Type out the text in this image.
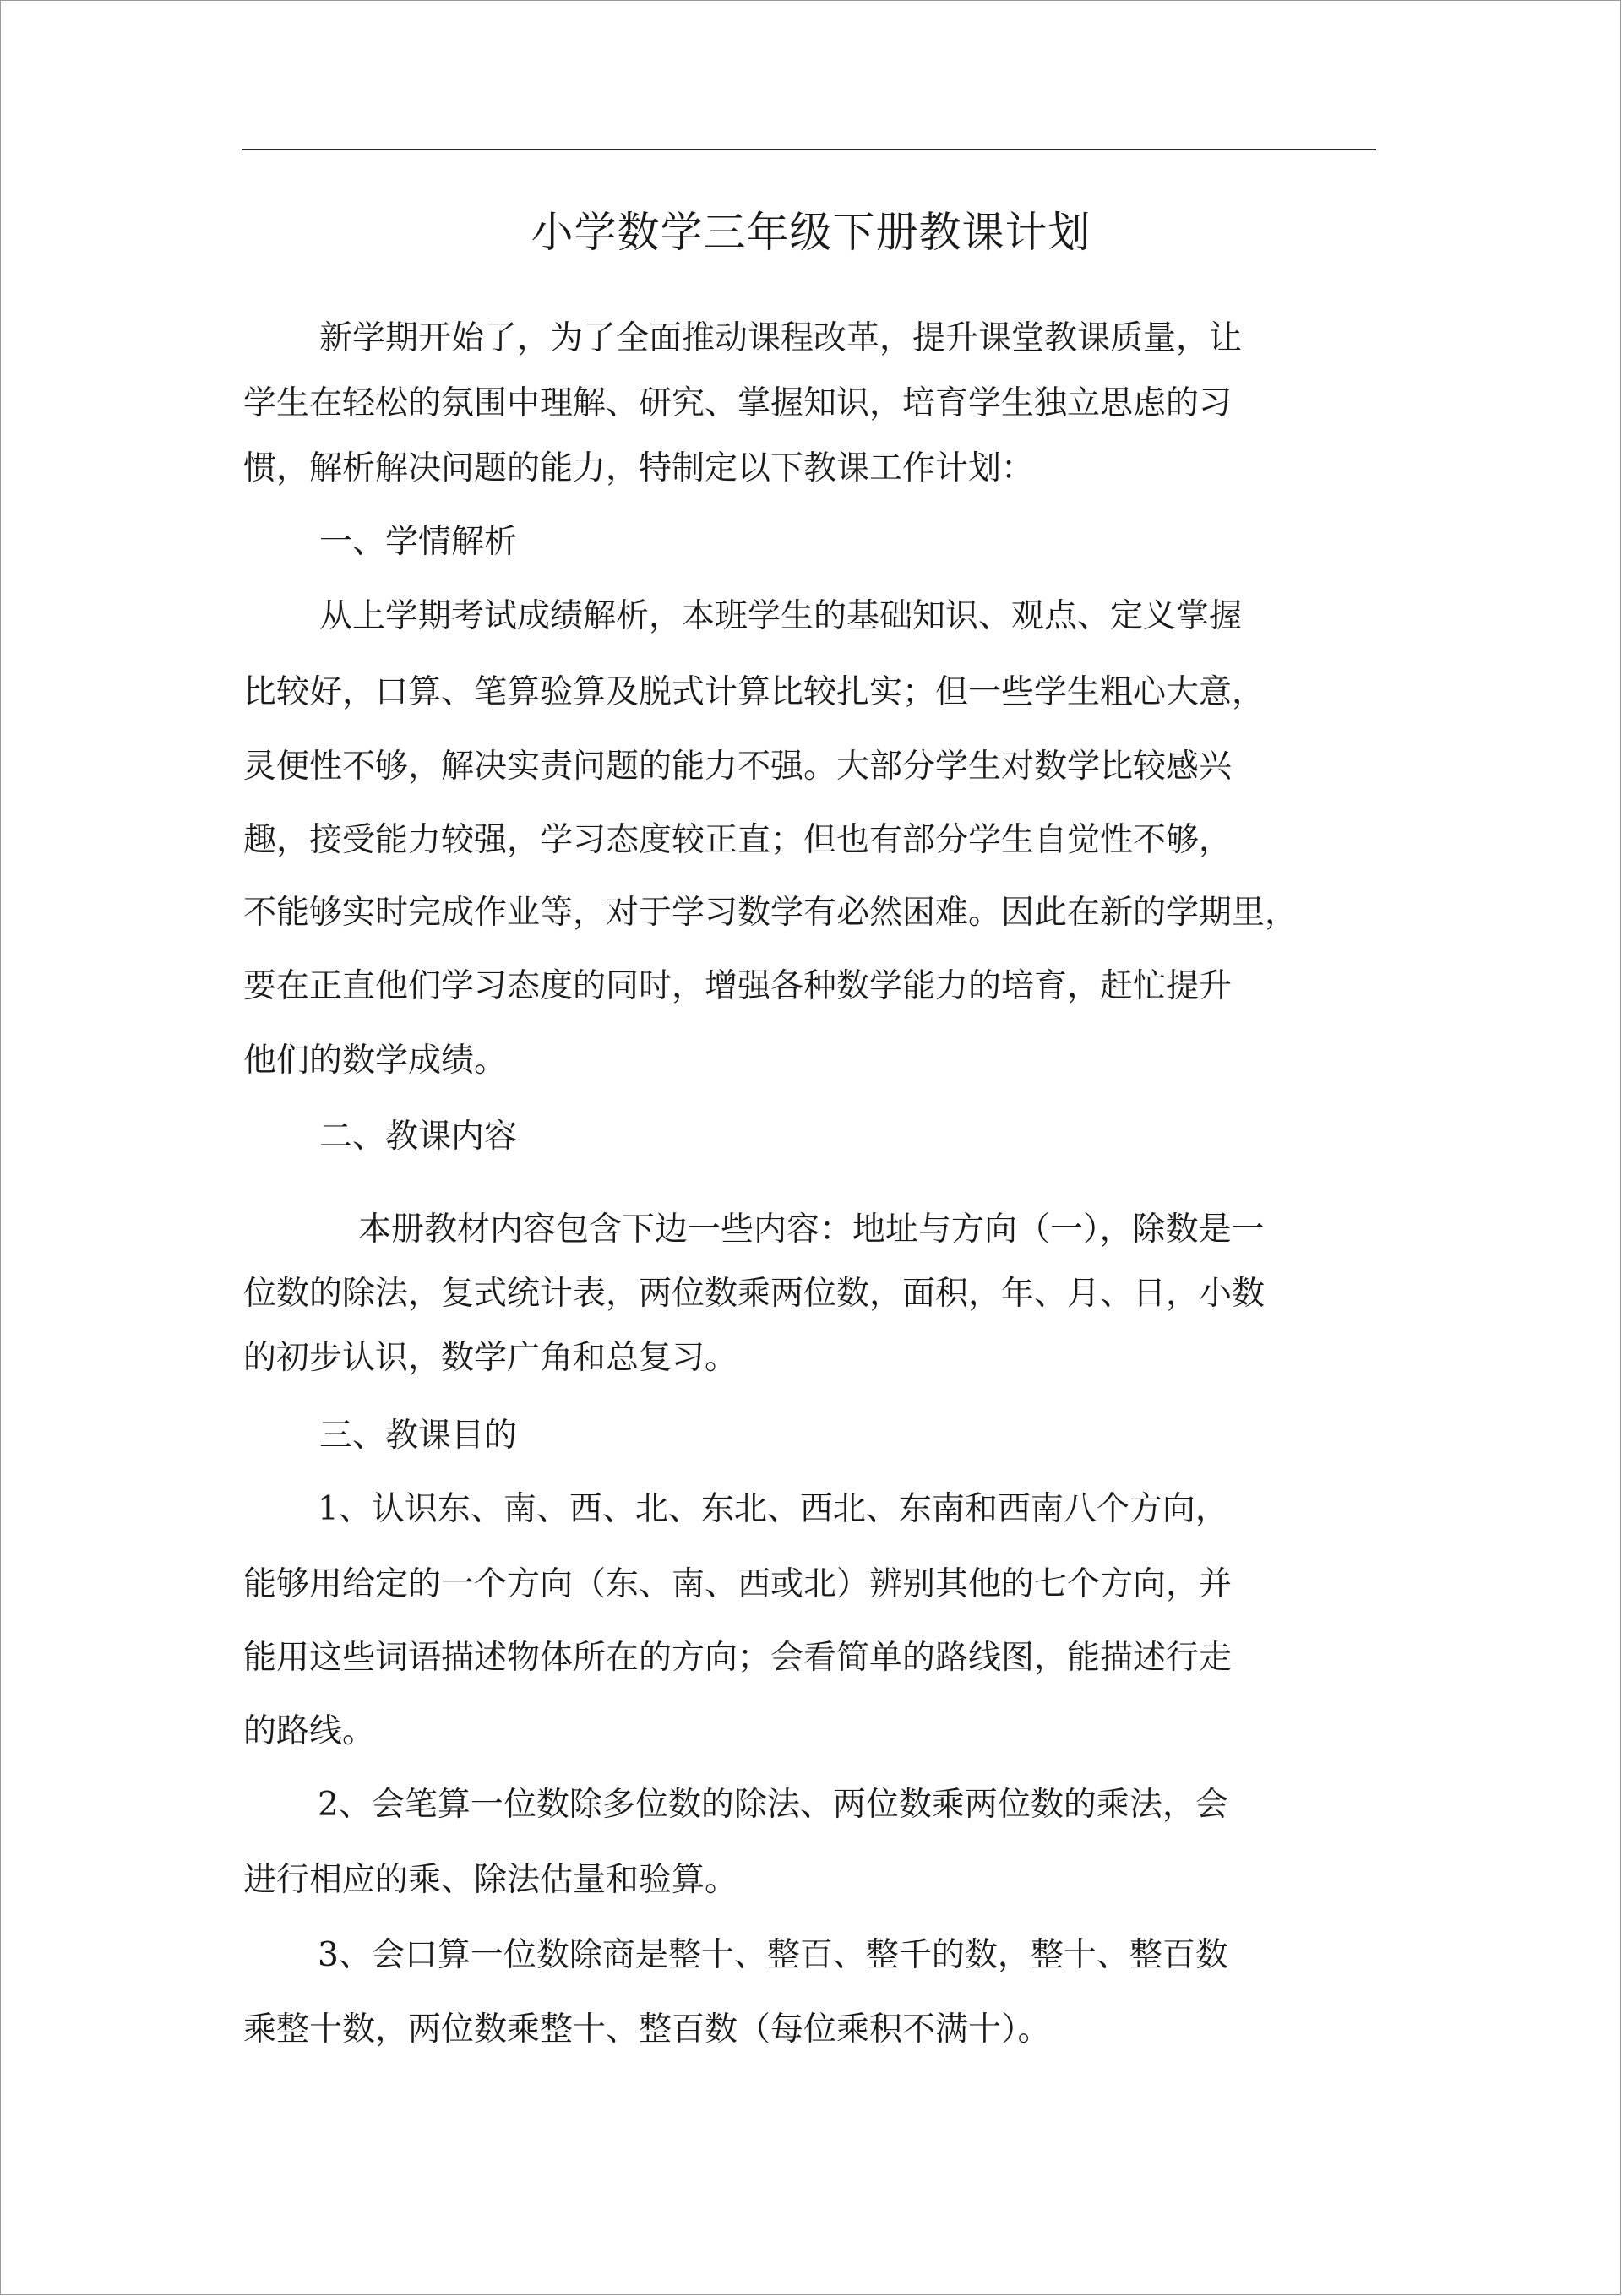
小学数学三年级下册教课计划
新学期开始了，为了全面推动课程改革，提升课堂教课质量，让
学生在轻松的氛围中理解、研究、掌握知识，培育学生独立思虑的习
惯，解析解决问题的能力，特制定以下教课工作计划：
一、学情解析
从上学期考试成绩解析，本班学生的基础知识、观点、定义掌握
比较好，口算、笔算验算及脱式计算比较扎实；但一些学生粗心大意，
灵便性不够，解决实责问题的能力不强。大部分学生对数学比较感兴
趣，接受能力较强，学习态度较正直；但也有部分学生自觉性不够，
不能够实时完成作业等，对于学习数学有必然困难。因此在新的学期里，
要在正直他们学习态度的同时，增强各种数学能力的培育，赶忙提升
他们的数学成绩。
二、教课内容
本册教材内容包含下边一些内容：地址与方向（一），除数是一
位数的除法，复式统计表，两位数乘两位数，面积，年、月、日，小数
的初步认识，数学广角和总复习。
三、教课目的
1、认识东、南、西、北、东北、西北、东南和西南八个方向，
能够用给定的一个方向（东、南、西或北）辨别其他的七个方向，并
能用这些词语描述物体所在的方向；会看简单的路线图，能描述行走
的路线。
2、会笔算一位数除多位数的除法、两位数乘两位数的乘法，会
进行相应的乘、除法估量和验算。
3、会口算一位数除商是整十、整百、整千的数，整十、整百数
乘整十数，两位数乘整十、整百数（每位乘积不满十）。
